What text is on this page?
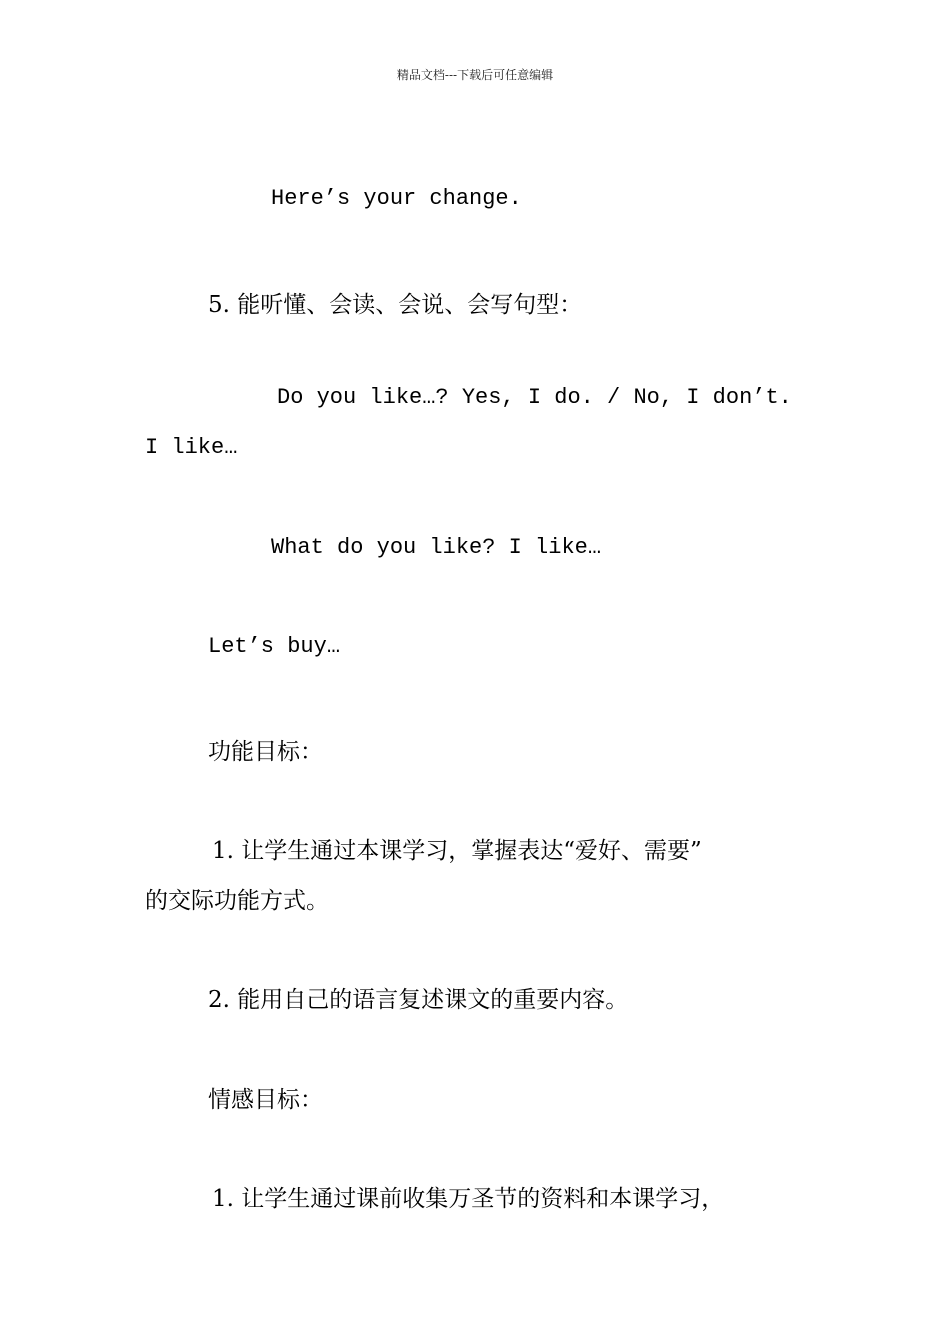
精品文档---下载后可任意编辑
Here’s your change.
5. 能听懂、会读、会说、会写句型：
Do you like…? Yes, I do. / No, I don’t.
I like…
What do you like? I like…
Let’s buy…
功能目标：
1. 让学生通过本课学习，掌握表达“爱好、需要”
的交际功能方式。
2. 能用自己的语言复述课文的重要内容。
情感目标：
1. 让学生通过课前收集万圣节的资料和本课学习，
